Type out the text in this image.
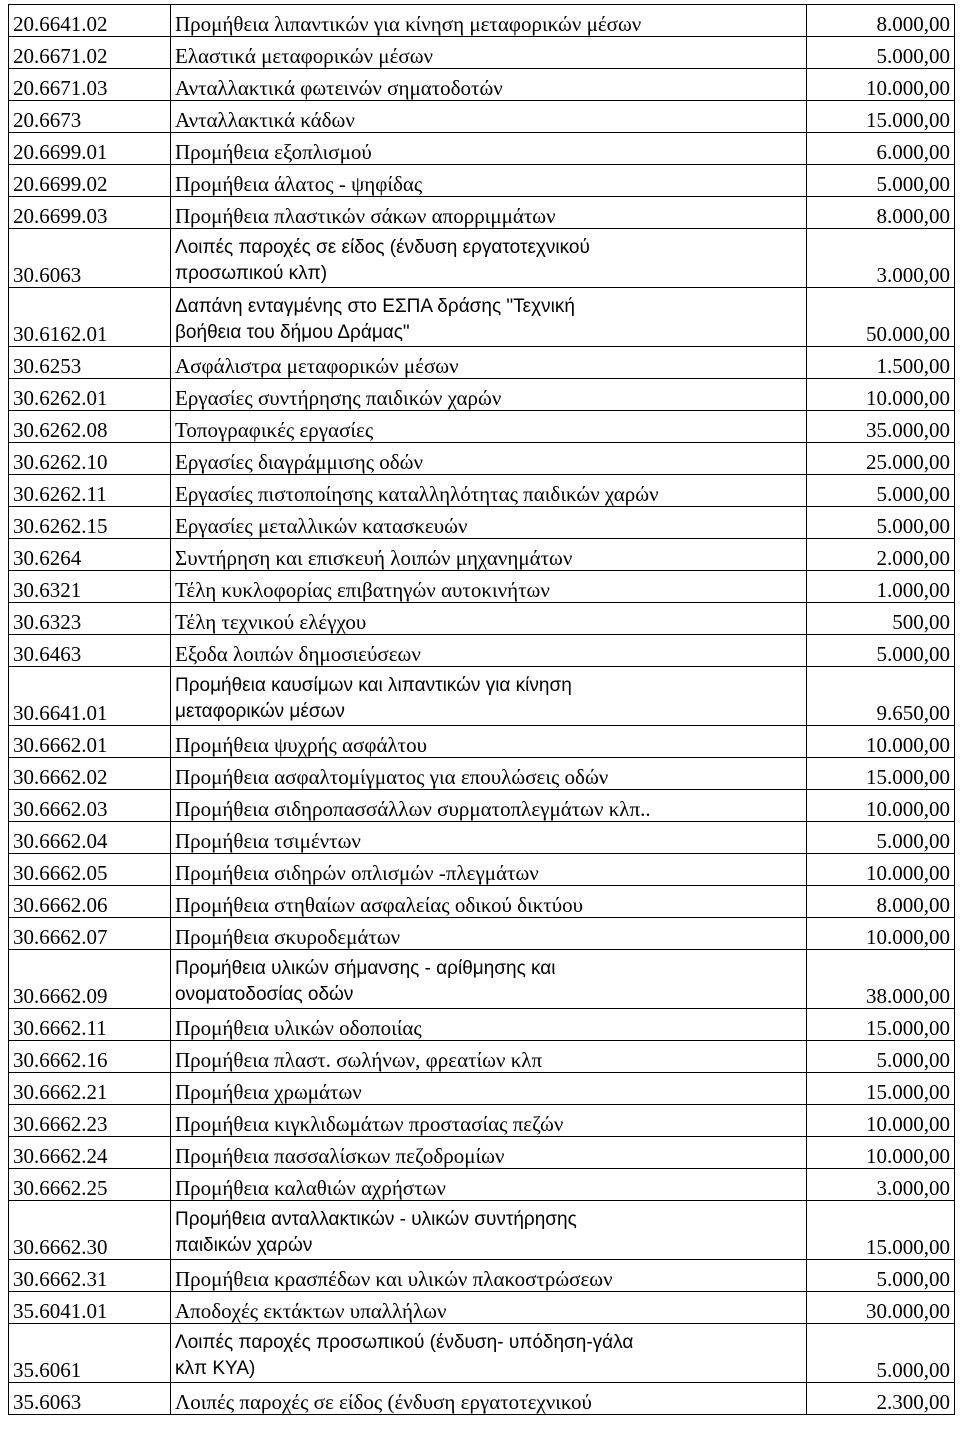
20.6641.02	Προμήθεια λιπαντικών για κίνηση μεταφορικών μέσων	8.000,00
20.6671.02	Ελαστικά μεταφορικών μέσων	5.000,00
20.6671.03	Ανταλλακτικά φωτεινών σηματοδοτών	10.000,00
20.6673	Ανταλλακτικά κάδων	15.000,00
20.6699.01	Προμήθεια εξοπλισμού	6.000,00
20.6699.02	Προμήθεια άλατος - ψηφίδας	5.000,00
20.6699.03	Προμήθεια πλαστικών σάκων απορριμμάτων	8.000,00
30.6063	Λοιπές παροχές σε είδος (ένδυση εργατοτεχνικού
προσωπικού κλπ)	3.000,00
30.6162.01	Δαπάνη ενταγμένης στο ΕΣΠΑ δράσης "Τεχνική
βοήθεια του δήμου Δράμας"	50.000,00
30.6253	Ασφάλιστρα μεταφορικών μέσων	1.500,00
30.6262.01	Εργασίες συντήρησης παιδικών χαρών	10.000,00
30.6262.08	Τοπογραφικές εργασίες	35.000,00
30.6262.10	Εργασίες διαγράμμισης οδών	25.000,00
30.6262.11	Εργασίες πιστοποίησης καταλληλότητας παιδικών χαρών	5.000,00
30.6262.15	Εργασίες μεταλλικών κατασκευών	5.000,00
30.6264	Συντήρηση και επισκευή λοιπών μηχανημάτων	2.000,00
30.6321	Τέλη κυκλοφορίας επιβατηγών αυτοκινήτων	1.000,00
30.6323	Τέλη τεχνικού ελέγχου	500,00
30.6463	Εξοδα λοιπών δημοσιεύσεων	5.000,00
30.6641.01	Προμήθεια καυσίμων και λιπαντικών για κίνηση
μεταφορικών μέσων	9.650,00
30.6662.01	Προμήθεια ψυχρής ασφάλτου	10.000,00
30.6662.02	Προμήθεια ασφαλτομίγματος για επουλώσεις οδών	15.000,00
30.6662.03	Προμήθεια σιδηροπασσάλλων συρματοπλεγμάτων κλπ..	10.000,00
30.6662.04	Προμήθεια τσιμέντων	5.000,00
30.6662.05	Προμήθεια σιδηρών οπλισμών -πλεγμάτων	10.000,00
30.6662.06	Προμήθεια στηθαίων ασφαλείας οδικού δικτύου	8.000,00
30.6662.07	Προμήθεια σκυροδεμάτων	10.000,00
30.6662.09	Προμήθεια υλικών σήμανσης - αρίθμησης και
ονοματοδοσίας οδών	38.000,00
30.6662.11	Προμήθεια υλικών οδοποιίας	15.000,00
30.6662.16	Προμήθεια πλαστ. σωλήνων, φρεατίων κλπ	5.000,00
30.6662.21	Προμήθεια χρωμάτων	15.000,00
30.6662.23	Προμήθεια κιγκλιδωμάτων προστασίας πεζών	10.000,00
30.6662.24	Προμήθεια πασσαλίσκων πεζοδρομίων	10.000,00
30.6662.25	Προμήθεια καλαθιών αχρήστων	3.000,00
30.6662.30	Προμήθεια ανταλλακτικών - υλικών συντήρησης
παιδικών χαρών	15.000,00
30.6662.31	Προμήθεια κρασπέδων και υλικών πλακοστρώσεων	5.000,00
35.6041.01	Αποδοχές εκτάκτων υπαλλήλων	30.000,00
35.6061	Λοιπές παροχές προσωπικού (ένδυση- υπόδηση-γάλα
κλπ ΚΥΑ)	5.000,00
35.6063	Λοιπές παροχές σε είδος (ένδυση εργατοτεχνικού	2.300,00
